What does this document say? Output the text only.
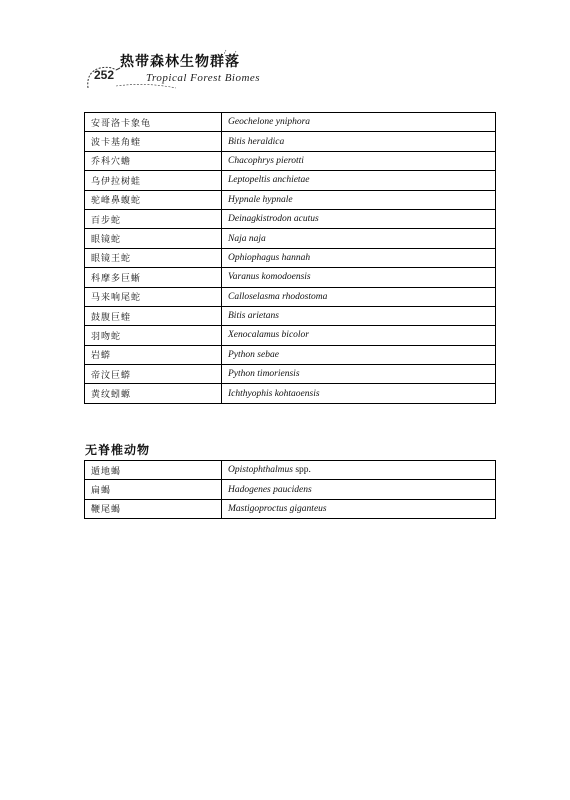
252
热带森林生物群落
Tropical Forest Biomes
安哥洛卡象龟	Geochelone yniphora
波卡基角蝰	Bitis heraldica
乔科穴蟾	Chacophrys pierotti
乌伊拉树蛙	Leptopeltis anchietae
驼峰鼻蝮蛇	Hypnale hypnale
百步蛇	Deinagkistrodon acutus
眼镜蛇	Naja naja
眼镜王蛇	Ophiophagus hannah
科摩多巨蜥	Varanus komodoensis
马来响尾蛇	Calloselasma rhodostoma
鼓腹巨蝰	Bitis arietans
羽吻蛇	Xenocalamus bicolor
岩蟒	Python sebae
帝汶巨蟒	Python timoriensis
黄纹蚓螈	Ichthyophis kohtaoensis
无脊椎动物
遁地蝎	Opistophthalmus spp.
扁蝎	Hadogenes paucidens
鞭尾蝎	Mastigoproctus giganteus
